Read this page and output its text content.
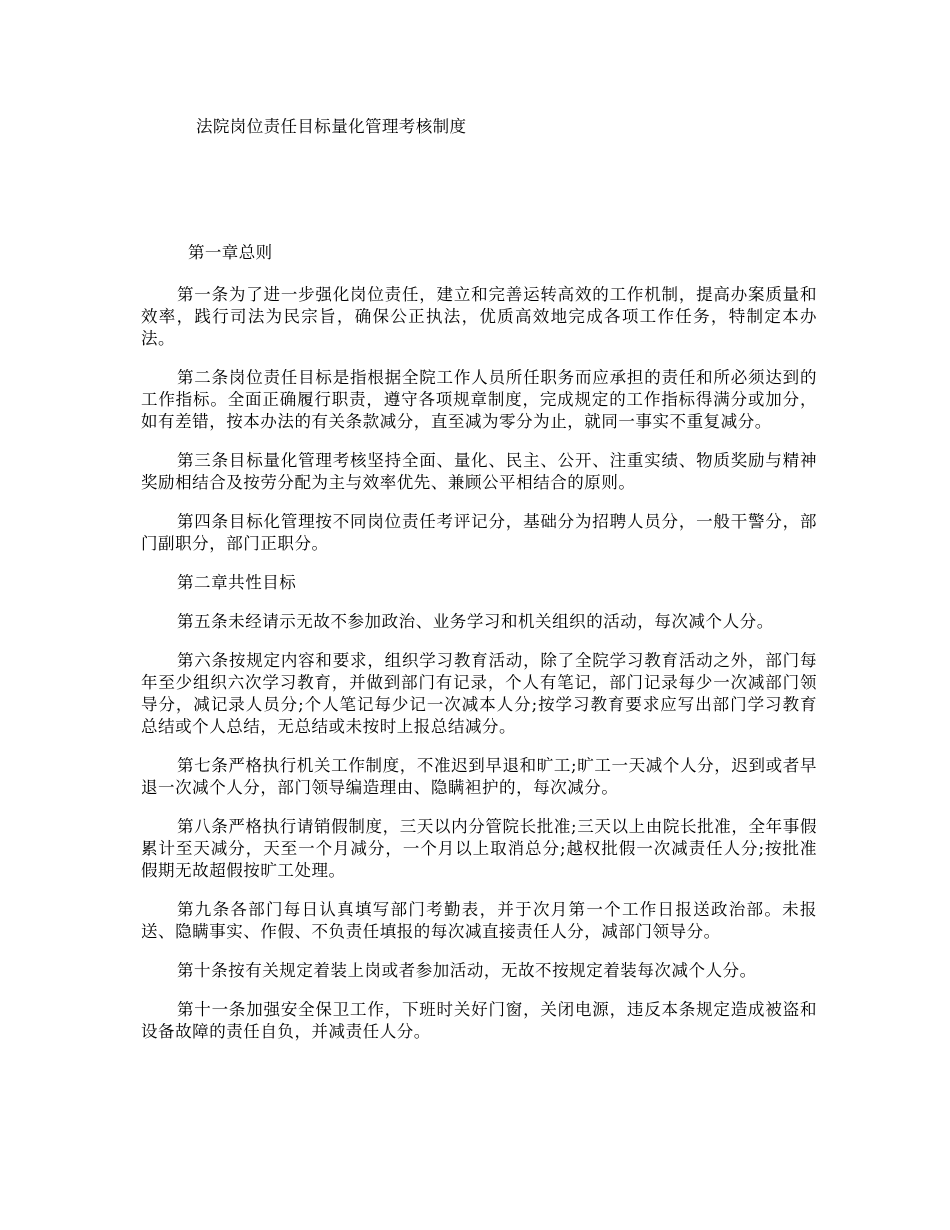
法院岗位责任目标量化管理考核制度
第一章总则

第一条为了进一步强化岗位责任，建立和完善运转高效的工作机制，提高办案质量和效率，践行司法为民宗旨，确保公正执法，优质高效地完成各项工作任务，特制定本办法。

第二条岗位责任目标是指根据全院工作人员所任职务而应承担的责任和所必须达到的工作指标。全面正确履行职责，遵守各项规章制度，完成规定的工作指标得满分或加分，如有差错，按本办法的有关条款减分，直至减为零分为止，就同一事实不重复减分。

第三条目标量化管理考核坚持全面、量化、民主、公开、注重实绩、物质奖励与精神奖励相结合及按劳分配为主与效率优先、兼顾公平相结合的原则。

第四条目标化管理按不同岗位责任考评记分，基础分为招聘人员分，一般干警分，部门副职分，部门正职分。

第二章共性目标

第五条未经请示无故不参加政治、业务学习和机关组织的活动，每次减个人分。

第六条按规定内容和要求，组织学习教育活动，除了全院学习教育活动之外，部门每年至少组织六次学习教育，并做到部门有记录，个人有笔记，部门记录每少一次减部门领导分，减记录人员分;个人笔记每少记一次减本人分;按学习教育要求应写出部门学习教育总结或个人总结，无总结或未按时上报总结减分。

第七条严格执行机关工作制度，不准迟到早退和旷工;旷工一天减个人分，迟到或者早退一次减个人分，部门领导编造理由、隐瞒袒护的，每次减分。

第八条严格执行请销假制度，三天以内分管院长批准;三天以上由院长批准，全年事假累计至天减分，天至一个月减分，一个月以上取消总分;越权批假一次减责任人分;按批准假期无故超假按旷工处理。

第九条各部门每日认真填写部门考勤表，并于次月第一个工作日报送政治部。未报送、隐瞒事实、作假、不负责任填报的每次减直接责任人分，减部门领导分。

第十条按有关规定着装上岗或者参加活动，无故不按规定着装每次减个人分。

第十一条加强安全保卫工作，下班时关好门窗，关闭电源，违反本条规定造成被盗和设备故障的责任自负，并减责任人分。
